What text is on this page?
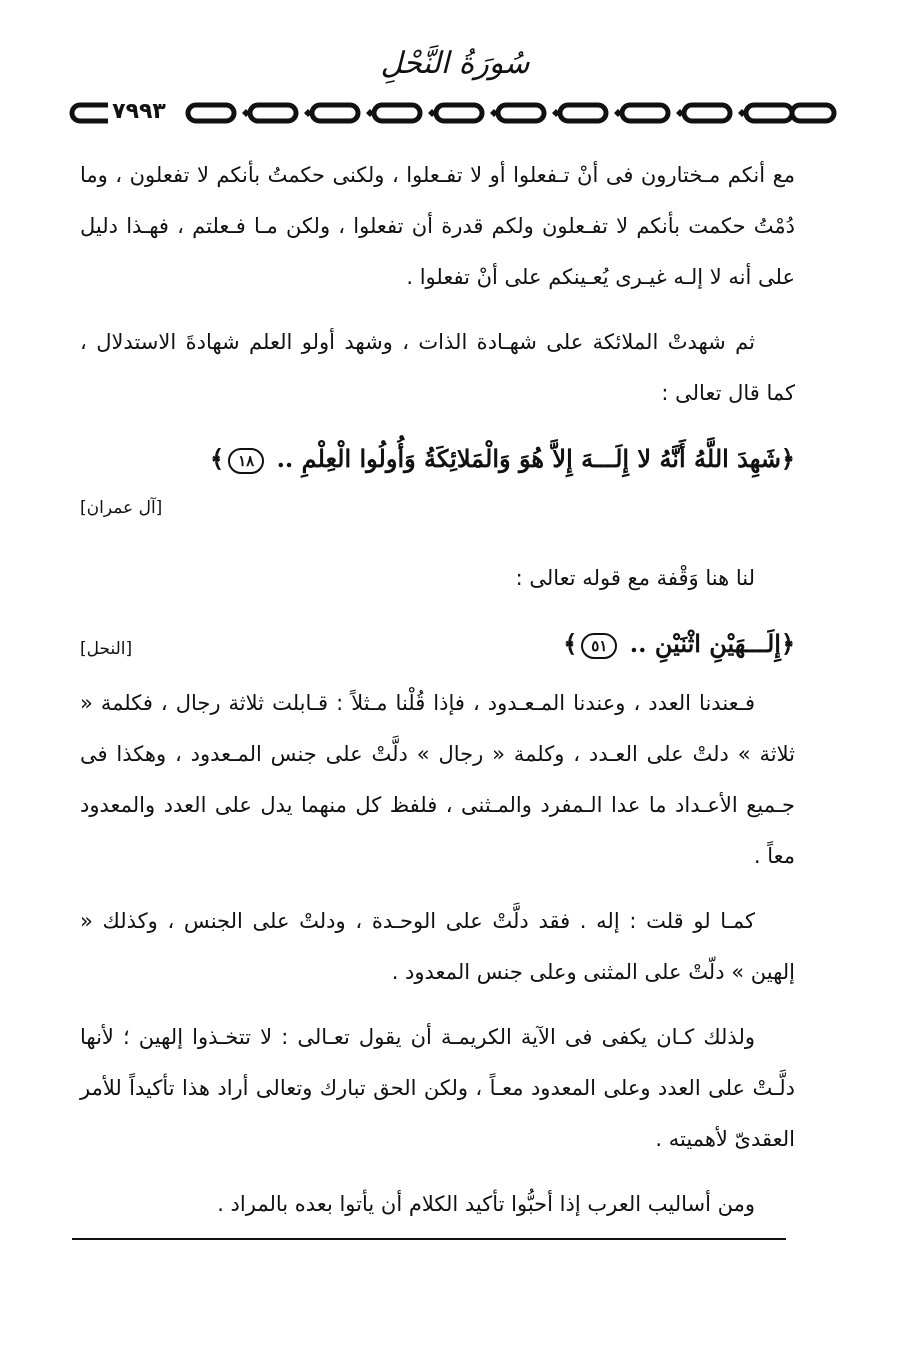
سُورَةُ النَّحْلِ
٧٩٩٣

مع أنكم مـختارون فى أنْ تـفعلوا أو لا تفـعلوا ، ولكنى حكمتُ بأنكم لا تفعلون ، وما دُمْتُ حكمت بأنكم لا تفـعلون ولكم قدرة أن تفعلوا ، ولكن مـا فـعلتم ، فهـذا دليل على أنه لا إلـه غيـرى يُعـينكم على أنْ تفعلوا .

ثم شهدتْ الملائكة على شهـادة الذات ، وشهد أولو العلم شهادةَ الاستدلال ، كما قال تعالى :

﴿شَهِدَ اللَّهُ أَنَّهُ لا إِلَـــهَ إِلاَّ هُوَ وَالْمَلائِكَةُ وَأُولُوا الْعِلْمِ .. ١٨﴾
[آل عمران]

لنا هنا وَقْفة مع قوله تعالى :

﴿إِلَـــهَيْنِ اثْنَيْنِ .. ٥١﴾
[النحل]

فـعندنا العدد ، وعندنا المـعـدود ، فإذا قُلْنا مـثلاً : قـابلت ثلاثة رجال ، فكلمة « ثلاثة » دلتْ على العـدد ، وكلمة « رجال » دلَّتْ على جنس المـعدود ، وهكذا فى جـميع الأعـداد ما عدا الـمفرد والمـثنى ، فلفظ كل منهما يدل على العدد والمعدود معاً .

كمـا لو قلت : إله . فقد دلَّتْ على الوحـدة ، ودلتْ على الجنس ، وكذلك « إلهين » دلّتْ على المثنى وعلى جنس المعدود .

ولذلك كـان يكفى فى الآية الكريمـة أن يقول تعـالى : لا تتخـذوا إلهين ؛ لأنها دلَّـتْ على العدد وعلى المعدود معـاً ، ولكن الحق تبارك وتعالى أراد هذا تأكيداً للأمر العقدىّ لأهميته .

ومن أساليب العرب إذا أحبُّوا تأكيد الكلام أن يأتوا بعده بالمراد .
